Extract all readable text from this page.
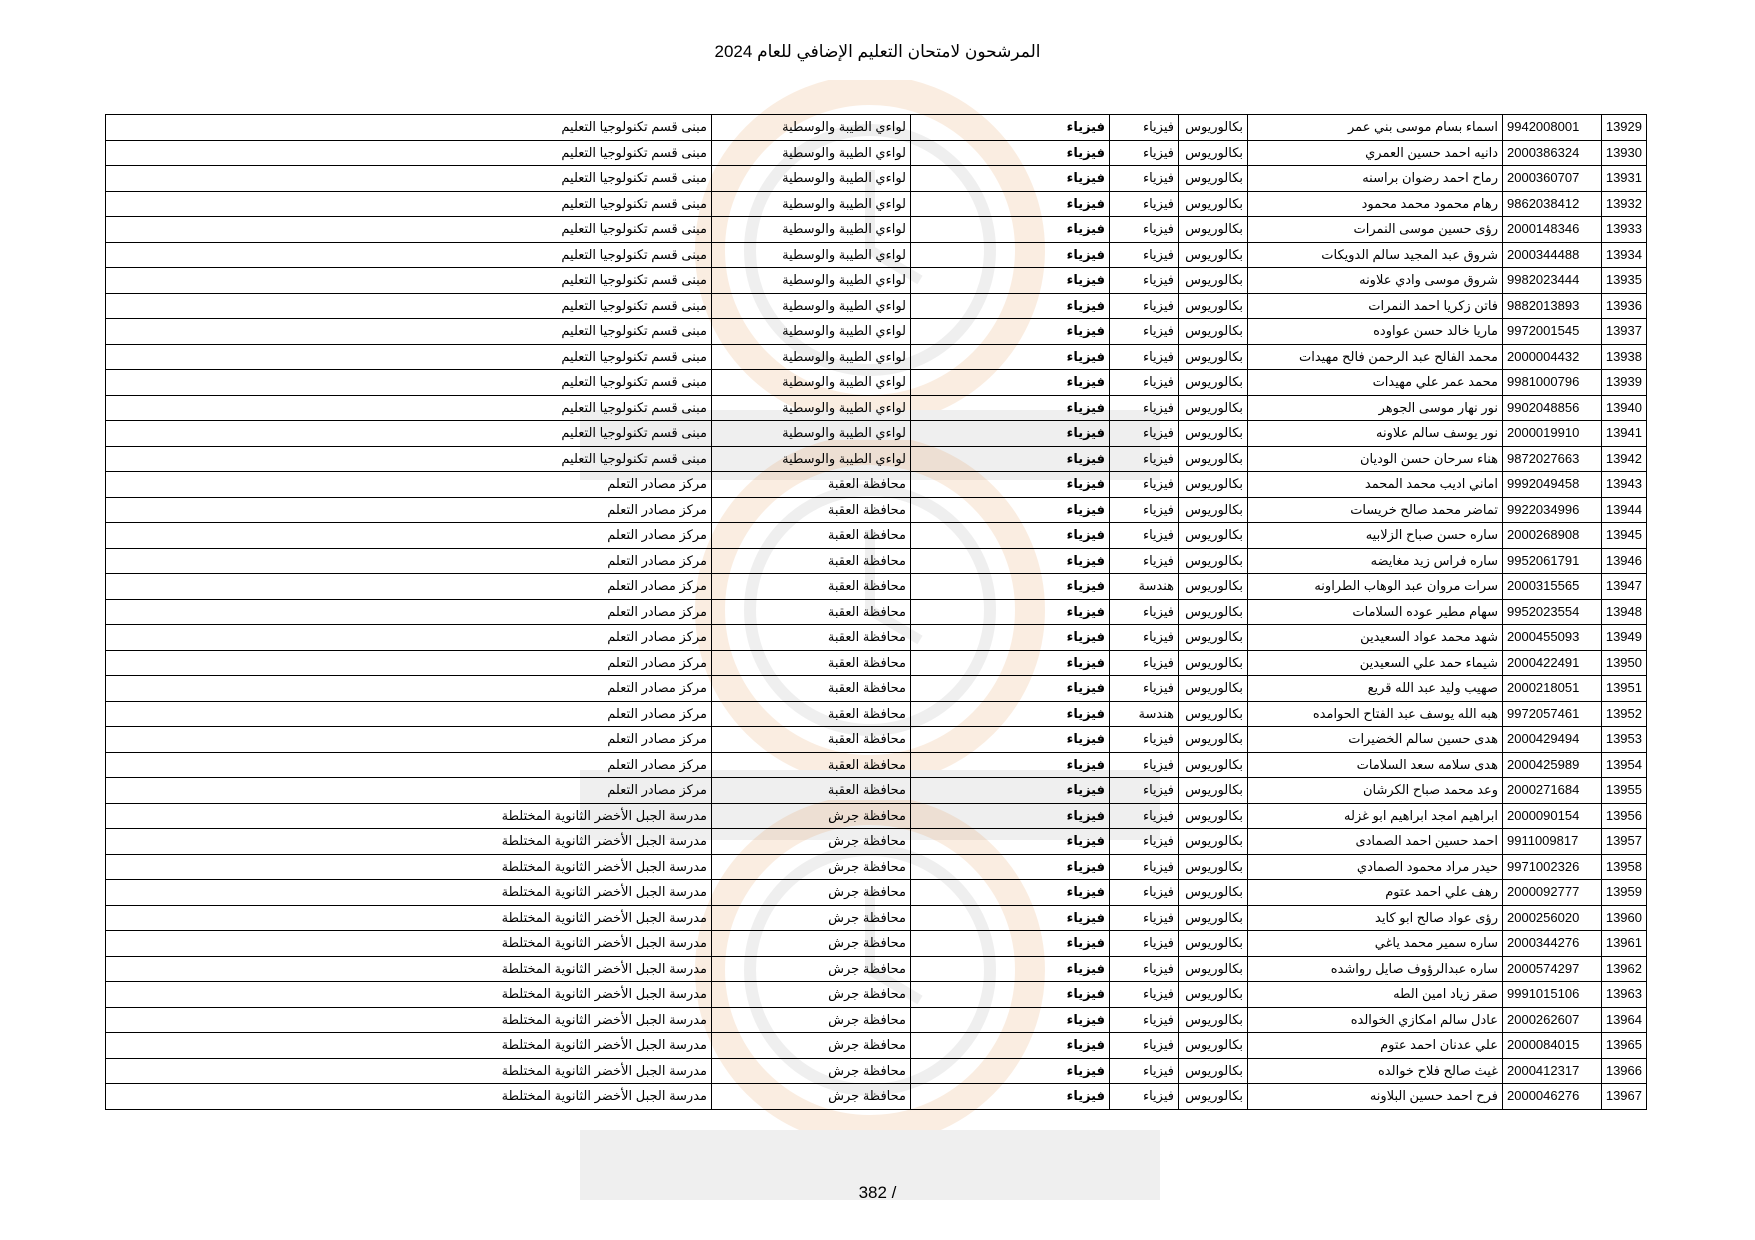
المرشحون لامتحان التعليم الإضافي للعام 2024
13929	9942008001	اسماء بسام موسى بني عمر	بكالوريوس	فيزياء	فيزياء	لواءي الطيبة والوسطية	مبنى قسم تكنولوجيا التعليم
13930	2000386324	دانيه احمد حسين العمري	بكالوريوس	فيزياء	فيزياء	لواءي الطيبة والوسطية	مبنى قسم تكنولوجيا التعليم
13931	2000360707	رماح احمد رضوان براسنه	بكالوريوس	فيزياء	فيزياء	لواءي الطيبة والوسطية	مبنى قسم تكنولوجيا التعليم
13932	9862038412	رهام محمود محمد محمود	بكالوريوس	فيزياء	فيزياء	لواءي الطيبة والوسطية	مبنى قسم تكنولوجيا التعليم
13933	2000148346	رؤى حسين موسى النمرات	بكالوريوس	فيزياء	فيزياء	لواءي الطيبة والوسطية	مبنى قسم تكنولوجيا التعليم
13934	2000344488	شروق عبد المجيد سالم الدويكات	بكالوريوس	فيزياء	فيزياء	لواءي الطيبة والوسطية	مبنى قسم تكنولوجيا التعليم
13935	9982023444	شروق موسى وادي علاونه	بكالوريوس	فيزياء	فيزياء	لواءي الطيبة والوسطية	مبنى قسم تكنولوجيا التعليم
13936	9882013893	فاتن زكريا احمد النمرات	بكالوريوس	فيزياء	فيزياء	لواءي الطيبة والوسطية	مبنى قسم تكنولوجيا التعليم
13937	9972001545	ماريا خالد حسن عواوده	بكالوريوس	فيزياء	فيزياء	لواءي الطيبة والوسطية	مبنى قسم تكنولوجيا التعليم
13938	2000004432	محمد الفالح عبد الرحمن فالح مهيدات	بكالوريوس	فيزياء	فيزياء	لواءي الطيبة والوسطية	مبنى قسم تكنولوجيا التعليم
13939	9981000796	محمد عمر علي مهيدات	بكالوريوس	فيزياء	فيزياء	لواءي الطيبة والوسطية	مبنى قسم تكنولوجيا التعليم
13940	9902048856	نور نهار موسى الجوهر	بكالوريوس	فيزياء	فيزياء	لواءي الطيبة والوسطية	مبنى قسم تكنولوجيا التعليم
13941	2000019910	نور يوسف سالم علاونه	بكالوريوس	فيزياء	فيزياء	لواءي الطيبة والوسطية	مبنى قسم تكنولوجيا التعليم
13942	9872027663	هناء سرحان حسن الوديان	بكالوريوس	فيزياء	فيزياء	لواءي الطيبة والوسطية	مبنى قسم تكنولوجيا التعليم
13943	9992049458	اماني اديب محمد المحمد	بكالوريوس	فيزياء	فيزياء	محافظة العقبة	مركز مصادر التعلم
13944	9922034996	تماضر محمد صالح خريسات	بكالوريوس	فيزياء	فيزياء	محافظة العقبة	مركز مصادر التعلم
13945	2000268908	ساره حسن صباح الزلابيه	بكالوريوس	فيزياء	فيزياء	محافظة العقبة	مركز مصادر التعلم
13946	9952061791	ساره فراس زيد مغايضه	بكالوريوس	فيزياء	فيزياء	محافظة العقبة	مركز مصادر التعلم
13947	2000315565	سرات مروان عبد الوهاب الطراونه	بكالوريوس	هندسة	فيزياء	محافظة العقبة	مركز مصادر التعلم
13948	9952023554	سهام مطير عوده السلامات	بكالوريوس	فيزياء	فيزياء	محافظة العقبة	مركز مصادر التعلم
13949	2000455093	شهد محمد عواد السعيدين	بكالوريوس	فيزياء	فيزياء	محافظة العقبة	مركز مصادر التعلم
13950	2000422491	شيماء حمد علي السعيدين	بكالوريوس	فيزياء	فيزياء	محافظة العقبة	مركز مصادر التعلم
13951	2000218051	صهيب وليد عبد الله قريع	بكالوريوس	فيزياء	فيزياء	محافظة العقبة	مركز مصادر التعلم
13952	9972057461	هبه الله يوسف عبد الفتاح الحوامده	بكالوريوس	هندسة	فيزياء	محافظة العقبة	مركز مصادر التعلم
13953	2000429494	هدى حسين سالم الخضيرات	بكالوريوس	فيزياء	فيزياء	محافظة العقبة	مركز مصادر التعلم
13954	2000425989	هدى سلامه سعد السلامات	بكالوريوس	فيزياء	فيزياء	محافظة العقبة	مركز مصادر التعلم
13955	2000271684	وعد محمد صباح الكرشان	بكالوريوس	فيزياء	فيزياء	محافظة العقبة	مركز مصادر التعلم
13956	2000090154	ابراهيم امجد ابراهيم ابو غزله	بكالوريوس	فيزياء	فيزياء	محافظة جرش	مدرسة الجبل الأخضر الثانوية المختلطة
13957	9911009817	احمد حسين احمد الصمادى	بكالوريوس	فيزياء	فيزياء	محافظة جرش	مدرسة الجبل الأخضر الثانوية المختلطة
13958	9971002326	حيدر مراد محمود الصمادي	بكالوريوس	فيزياء	فيزياء	محافظة جرش	مدرسة الجبل الأخضر الثانوية المختلطة
13959	2000092777	رهف علي احمد عتوم	بكالوريوس	فيزياء	فيزياء	محافظة جرش	مدرسة الجبل الأخضر الثانوية المختلطة
13960	2000256020	رؤى عواد صالح ابو كايد	بكالوريوس	فيزياء	فيزياء	محافظة جرش	مدرسة الجبل الأخضر الثانوية المختلطة
13961	2000344276	ساره سمير محمد ياغي	بكالوريوس	فيزياء	فيزياء	محافظة جرش	مدرسة الجبل الأخضر الثانوية المختلطة
13962	2000574297	ساره عبدالرؤوف صايل رواشده	بكالوريوس	فيزياء	فيزياء	محافظة جرش	مدرسة الجبل الأخضر الثانوية المختلطة
13963	9991015106	صقر زياد امين الطه	بكالوريوس	فيزياء	فيزياء	محافظة جرش	مدرسة الجبل الأخضر الثانوية المختلطة
13964	2000262607	عادل سالم امكازي الخوالده	بكالوريوس	فيزياء	فيزياء	محافظة جرش	مدرسة الجبل الأخضر الثانوية المختلطة
13965	2000084015	علي عدنان احمد عتوم	بكالوريوس	فيزياء	فيزياء	محافظة جرش	مدرسة الجبل الأخضر الثانوية المختلطة
13966	2000412317	غيث صالح فلاح خوالده	بكالوريوس	فيزياء	فيزياء	محافظة جرش	مدرسة الجبل الأخضر الثانوية المختلطة
13967	2000046276	فرح احمد حسين البلاونه	بكالوريوس	فيزياء	فيزياء	محافظة جرش	مدرسة الجبل الأخضر الثانوية المختلطة
382 /
